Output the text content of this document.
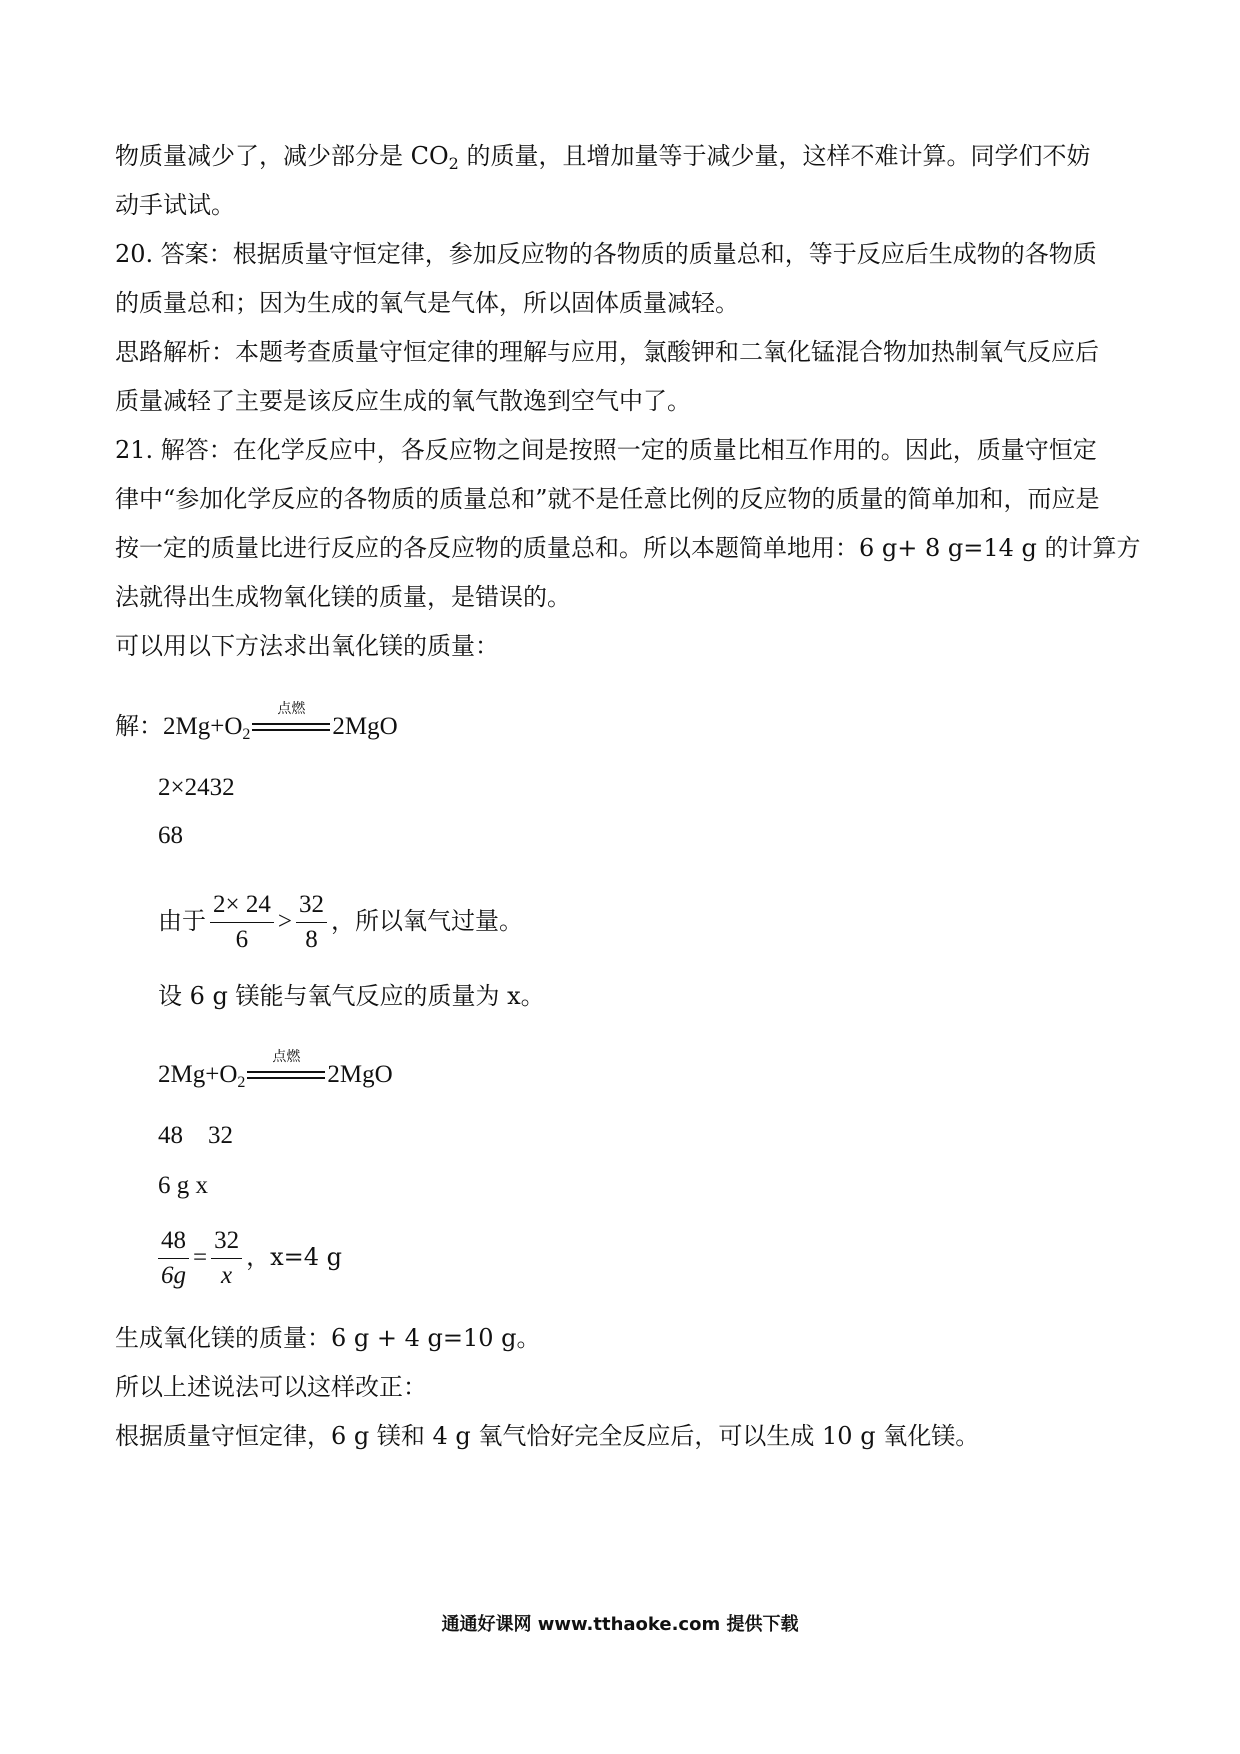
物质量减少了，减少部分是 $CO_2$ 的质量，且增加量等于减少量，这样不难计算。同学们不妨
动手试试。
20. 答案：根据质量守恒定律，参加反应物的各物质的质量总和，等于反应后生成物的各物质
的质量总和；因为生成的氧气是气体，所以固体质量减轻。
思路解析：本题考查质量守恒定律的理解与应用，氯酸钾和二氧化锰混合物加热制氧气反应后
质量减轻了主要是该反应生成的氧气散逸到空气中了。
21. 解答：在化学反应中，各反应物之间是按照一定的质量比相互作用的。因此，质量守恒定
律中“参加化学反应的各物质的质量总和”就不是任意比例的反应物的质量的简单加和，而应是
按一定的质量比进行反应的各反应物的质量总和。所以本题简单地用：6 g+ 8 g=14 g 的计算方
法就得出生成物氧化镁的质量，是错误的。
可以用以下方法求出氧化镁的质量：
解：$2Mg+O_2$
点燃
2MgO
2×2432
68
由于 $\frac{2\times 24}{6} > \frac{32}{8}$ ，所以氧气过量。
设 6 g 镁能与氧气反应的质量为 x。
$2Mg+O_2$
点燃
2MgO
48    32
6 g x
$\frac{48}{6g} = \frac{32}{x}$ ，x=4 g
生成氧化镁的质量：6 g + 4 g=10 g。
所以上述说法可以这样改正：
根据质量守恒定律，6 g 镁和 4 g 氧气恰好完全反应后，可以生成 10 g 氧化镁。
通通好课网 www.tthaoke.com 提供下载
